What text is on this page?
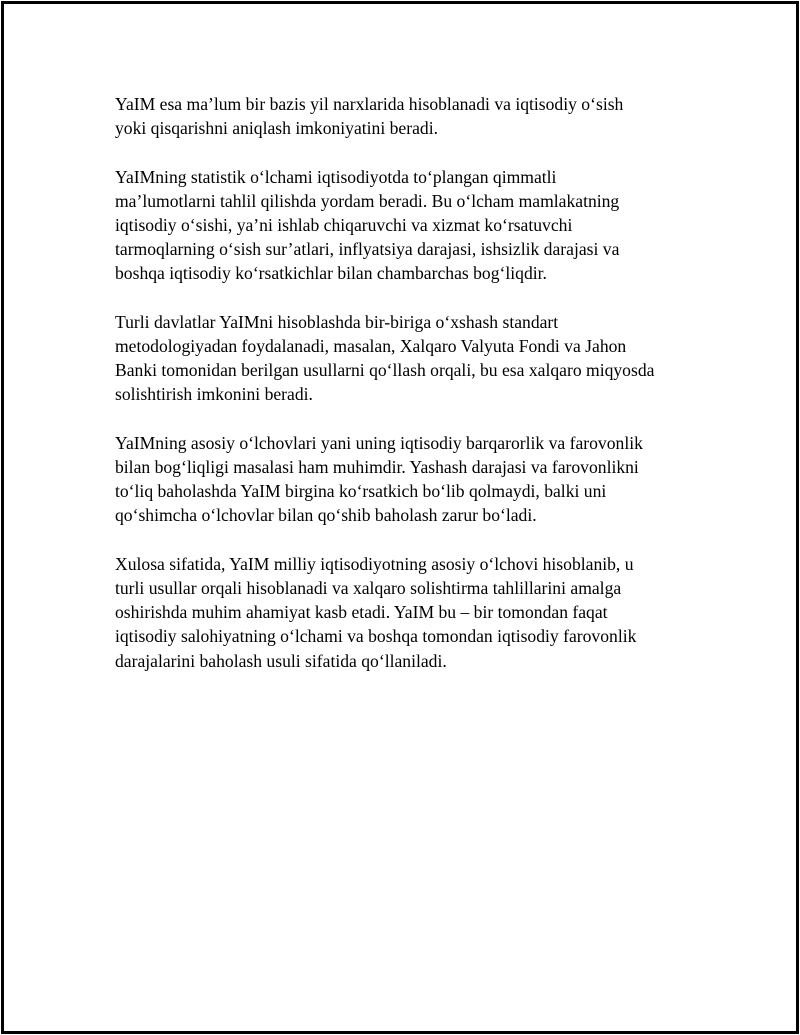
YaIM esa ma’lum bir bazis yil narxlarida hisoblanadi va iqtisodiy o‘sish
yoki qisqarishni aniqlash imkoniyatini beradi.

YaIMning statistik o‘lchami iqtisodiyotda to‘plangan qimmatli
ma’lumotlarni tahlil qilishda yordam beradi. Bu o‘lcham mamlakatning
iqtisodiy o‘sishi, ya’ni ishlab chiqaruvchi va xizmat ko‘rsatuvchi
tarmoqlarning o‘sish sur’atlari, inflyatsiya darajasi, ishsizlik darajasi va
boshqa iqtisodiy ko‘rsatkichlar bilan chambarchas bog‘liqdir.

Turli davlatlar YaIMni hisoblashda bir-biriga o‘xshash standart
metodologiyadan foydalanadi, masalan, Xalqaro Valyuta Fondi va Jahon
Banki tomonidan berilgan usullarni qo‘llash orqali, bu esa xalqaro miqyosda
solishtirish imkonini beradi.

YaIMning asosiy o‘lchovlari yani uning iqtisodiy barqarorlik va farovonlik
bilan bog‘liqligi masalasi ham muhimdir. Yashash darajasi va farovonlikni
to‘liq baholashda YaIM birgina ko‘rsatkich bo‘lib qolmaydi, balki uni
qo‘shimcha o‘lchovlar bilan qo‘shib baholash zarur bo‘ladi.

Xulosa sifatida, YaIM milliy iqtisodiyotning asosiy o‘lchovi hisoblanib, u
turli usullar orqali hisoblanadi va xalqaro solishtirma tahlillarini amalga
oshirishda muhim ahamiyat kasb etadi. YaIM bu – bir tomondan faqat
iqtisodiy salohiyatning o‘lchami va boshqa tomondan iqtisodiy farovonlik
darajalarini baholash usuli sifatida qo‘llaniladi.
